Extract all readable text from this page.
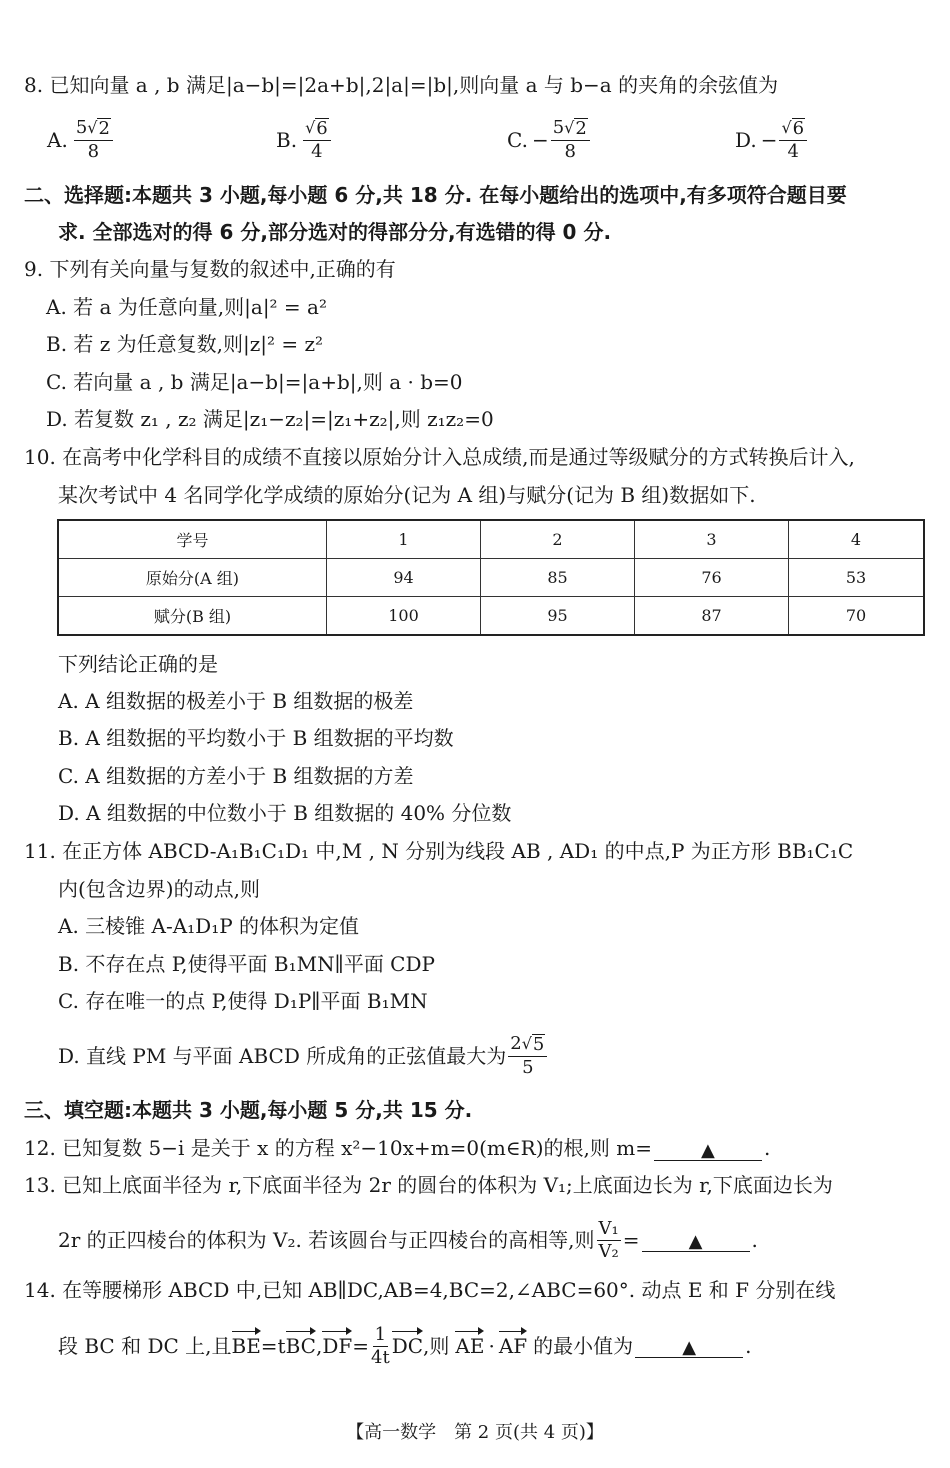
8. 已知向量 a , b 满足|a−b|=|2a+b|,2|a|=|b|,则向量 a 与 b−a 的夹角的余弦值为
A. $\frac{5 √ 2}{8}$	B. $\frac{√ 6}{4}$	C. − $\frac{5 √ 2}{8}$	D. − $\frac{√ 6}{4}$
二、选择题:本题共 3 小题,每小题 6 分,共 18 分. 在每小题给出的选项中,有多项符合题目要
求. 全部选对的得 6 分,部分选对的得部分分,有选错的得 0 分.
9. 下列有关向量与复数的叙述中,正确的有
A. 若 a 为任意向量,则|a|² = a²
B. 若 z 为任意复数,则|z|² = z²
C. 若向量 a , b 满足|a−b|=|a+b|,则 a · b=0
D. 若复数 z₁ , z₂ 满足|z₁−z₂|=|z₁+z₂|,则 z₁z₂=0
10. 在高考中化学科目的成绩不直接以原始分计入总成绩,而是通过等级赋分的方式转换后计入,
某次考试中 4 名同学化学成绩的原始分(记为 A 组)与赋分(记为 B 组)数据如下.
学号	1	2	3	4
原始分(A 组)	94	85	76	53
赋分(B 组)	100	95	87	70
下列结论正确的是
A. A 组数据的极差小于 B 组数据的极差
B. A 组数据的平均数小于 B 组数据的平均数
C. A 组数据的方差小于 B 组数据的方差
D. A 组数据的中位数小于 B 组数据的 40% 分位数
11. 在正方体 ABCD-A₁B₁C₁D₁ 中,M , N 分别为线段 AB , AD₁ 的中点,P 为正方形 BB₁C₁C
内(包含边界)的动点,则
A. 三棱锥 A-A₁D₁P 的体积为定值
B. 不存在点 P,使得平面 B₁MN∥平面 CDP
C. 存在唯一的点 P,使得 D₁P∥平面 B₁MN
D. 直线 PM 与平面 ABCD 所成角的正弦值最大为 $\frac{2 √ 5}{5}$
三、填空题:本题共 3 小题,每小题 5 分,共 15 分.
12. 已知复数 5−i 是关于 x 的方程 x²−10x+m=0(m∈R)的根,则 m=	▲ .
13. 已知上底面半径为 r,下底面半径为 2r 的圆台的体积为 V₁;上底面边长为 r,下底面边长为
2r 的正四棱台的体积为 V₂. 若该圆台与正四棱台的高相等,则 $\frac{\text{V₁}}{\text{V₂}}$ =	▲	.
14. 在等腰梯形 ABCD 中,已知 AB∥DC,AB=4,BC=2,∠ABC=60°. 动点 E 和 F 分别在线
段 BC 和 DC 上,且 BE =t BC , DF = $\frac{1}{4t}$ DC ,则 AE · AF 的最小值为	▲	.
【高一数学　第 2 页(共 4 页)】
